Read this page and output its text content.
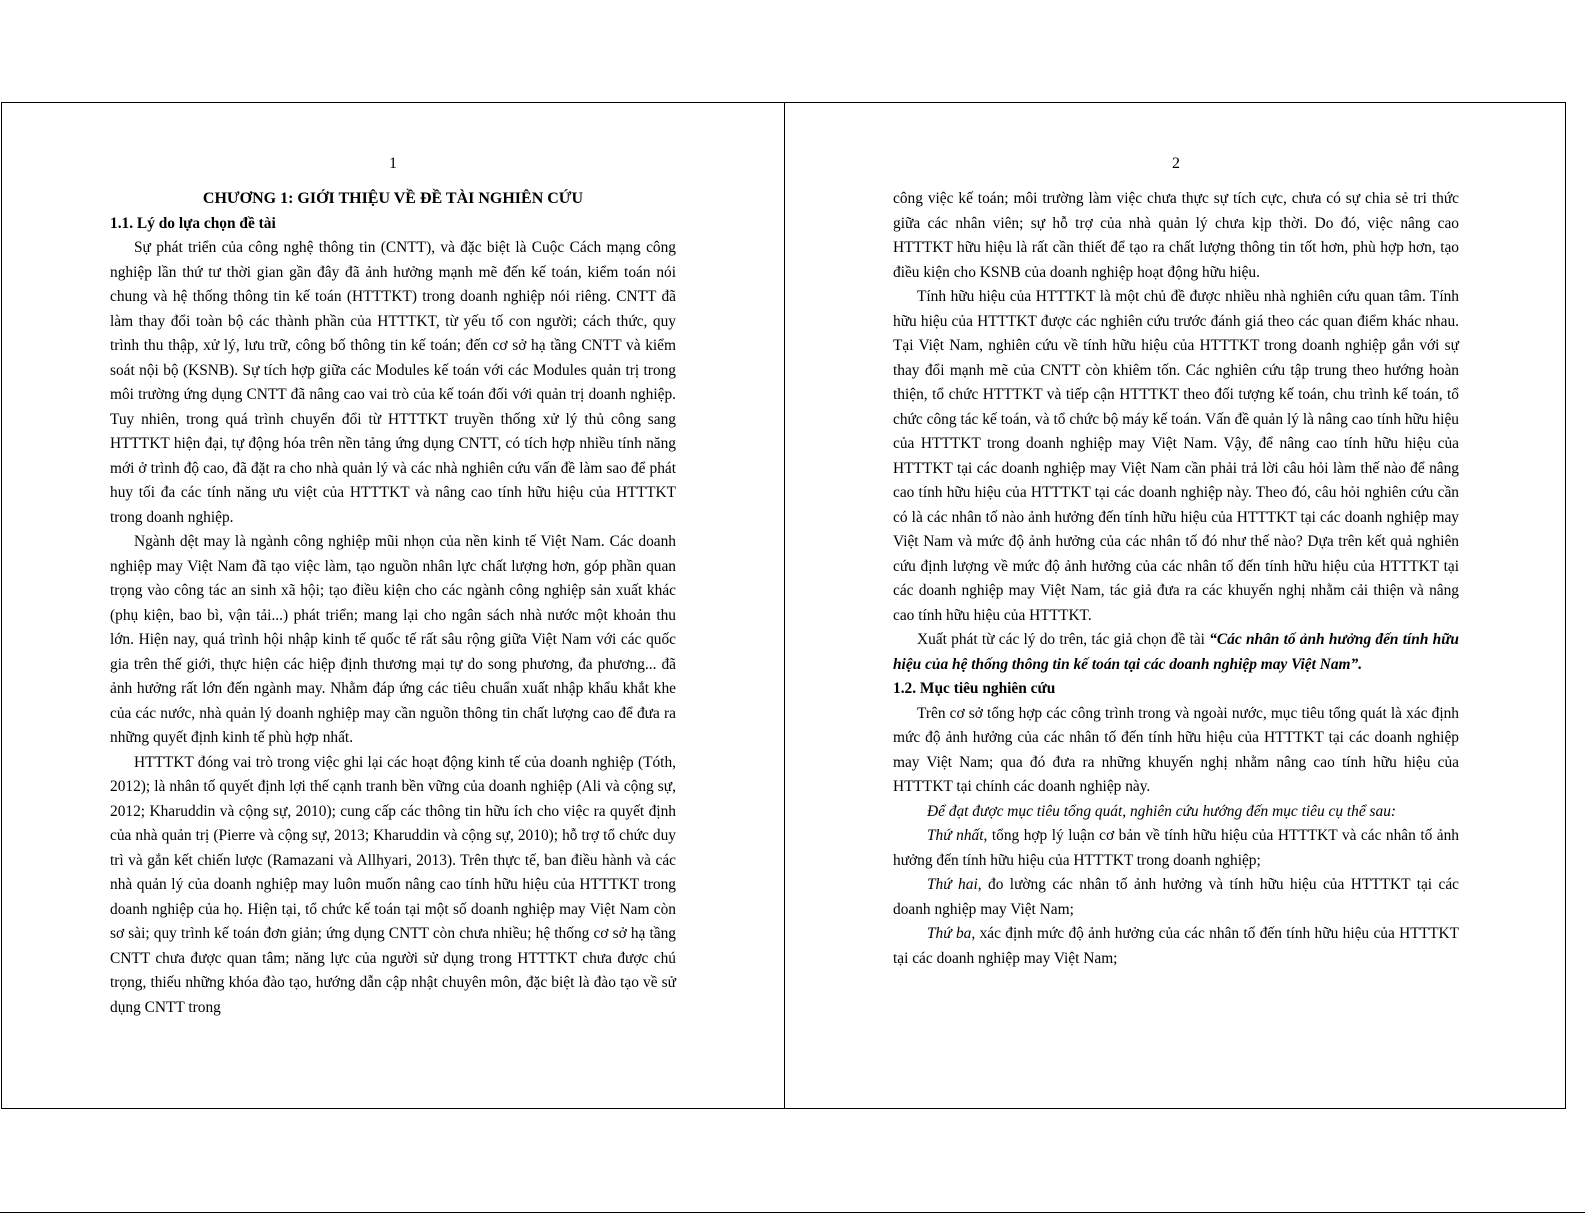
1

CHƯƠNG 1: GIỚI THIỆU VỀ ĐỀ TÀI NGHIÊN CỨU

1.1. Lý do lựa chọn đề tài

Sự phát triển của công nghệ thông tin (CNTT), và đặc biệt là Cuộc Cách mạng công nghiệp lần thứ tư thời gian gần đây đã ảnh hưởng mạnh mẽ đến kế toán, kiểm toán nói chung và hệ thống thông tin kế toán (HTTTKT) trong doanh nghiệp nói riêng. CNTT đã làm thay đổi toàn bộ các thành phần của HTTTKT, từ yếu tố con người; cách thức, quy trình thu thập, xử lý, lưu trữ, công bố thông tin kế toán; đến cơ sở hạ tầng CNTT và kiểm soát nội bộ (KSNB). Sự tích hợp giữa các Modules kế toán với các Modules quản trị trong môi trường ứng dụng CNTT đã nâng cao vai trò của kế toán đối với quản trị doanh nghiệp. Tuy nhiên, trong quá trình chuyển đổi từ HTTTKT truyền thống xử lý thủ công sang HTTTKT hiện đại, tự động hóa trên nền tảng ứng dụng CNTT, có tích hợp nhiều tính năng mới ở trình độ cao, đã đặt ra cho nhà quản lý và các nhà nghiên cứu vấn đề làm sao để phát huy tối đa các tính năng ưu việt của HTTTKT và nâng cao tính hữu hiệu của HTTTKT trong doanh nghiệp.

Ngành dệt may là ngành công nghiệp mũi nhọn của nền kinh tế Việt Nam. Các doanh nghiệp may Việt Nam đã tạo việc làm, tạo nguồn nhân lực chất lượng hơn, góp phần quan trọng vào công tác an sinh xã hội; tạo điều kiện cho các ngành công nghiệp sản xuất khác (phụ kiện, bao bì, vận tải...) phát triển; mang lại cho ngân sách nhà nước một khoản thu lớn. Hiện nay, quá trình hội nhập kinh tế quốc tế rất sâu rộng giữa Việt Nam với các quốc gia trên thế giới, thực hiện các hiệp định thương mại tự do song phương, đa phương... đã ảnh hưởng rất lớn đến ngành may. Nhằm đáp ứng các tiêu chuẩn xuất nhập khẩu khắt khe của các nước, nhà quản lý doanh nghiệp may cần nguồn thông tin chất lượng cao để đưa ra những quyết định kinh tế phù hợp nhất.

HTTTKT đóng vai trò trong việc ghi lại các hoạt động kinh tế của doanh nghiệp (Tóth, 2012); là nhân tố quyết định lợi thế cạnh tranh bền vững của doanh nghiệp (Ali và cộng sự, 2012; Kharuddin và cộng sự, 2010); cung cấp các thông tin hữu ích cho việc ra quyết định của nhà quản trị (Pierre và cộng sự, 2013; Kharuddin và cộng sự, 2010); hỗ trợ tổ chức duy trì và gắn kết chiến lược (Ramazani và Allhyari, 2013). Trên thực tế, ban điều hành và các nhà quản lý của doanh nghiệp may luôn muốn nâng cao tính hữu hiệu của HTTTKT trong doanh nghiệp của họ. Hiện tại, tổ chức kế toán tại một số doanh nghiệp may Việt Nam còn sơ sài; quy trình kế toán đơn giản; ứng dụng CNTT còn chưa nhiều; hệ thống cơ sở hạ tầng CNTT chưa được quan tâm; năng lực của người sử dụng trong HTTTKT chưa được chú trọng, thiếu những khóa đào tạo, hướng dẫn cập nhật chuyên môn, đặc biệt là đào tạo về sử dụng CNTT trong

2

công việc kế toán; môi trường làm việc chưa thực sự tích cực, chưa có sự chia sẻ tri thức giữa các nhân viên; sự hỗ trợ của nhà quản lý chưa kịp thời. Do đó, việc nâng cao HTTTKT hữu hiệu là rất cần thiết để tạo ra chất lượng thông tin tốt hơn, phù hợp hơn, tạo điều kiện cho KSNB của doanh nghiệp hoạt động hữu hiệu.

Tính hữu hiệu của HTTTKT là một chủ đề được nhiều nhà nghiên cứu quan tâm. Tính hữu hiệu của HTTTKT được các nghiên cứu trước đánh giá theo các quan điểm khác nhau. Tại Việt Nam, nghiên cứu về tính hữu hiệu của HTTTKT trong doanh nghiệp gắn với sự thay đổi mạnh mẽ của CNTT còn khiêm tốn. Các nghiên cứu tập trung theo hướng hoàn thiện, tổ chức HTTTKT và tiếp cận HTTTKT theo đối tượng kế toán, chu trình kế toán, tổ chức công tác kế toán, và tổ chức bộ máy kế toán. Vấn đề quản lý là nâng cao tính hữu hiệu của HTTTKT trong doanh nghiệp may Việt Nam. Vậy, để nâng cao tính hữu hiệu của HTTTKT tại các doanh nghiệp may Việt Nam cần phải trả lời câu hỏi làm thế nào để nâng cao tính hữu hiệu của HTTTKT tại các doanh nghiệp này. Theo đó, câu hỏi nghiên cứu cần có là các nhân tố nào ảnh hưởng đến tính hữu hiệu của HTTTKT tại các doanh nghiệp may Việt Nam và mức độ ảnh hưởng của các nhân tố đó như thế nào? Dựa trên kết quả nghiên cứu định lượng về mức độ ảnh hưởng của các nhân tố đến tính hữu hiệu của HTTTKT tại các doanh nghiệp may Việt Nam, tác giả đưa ra các khuyến nghị nhằm cải thiện và nâng cao tính hữu hiệu của HTTTKT.

Xuất phát từ các lý do trên, tác giả chọn đề tài “Các nhân tố ảnh hưởng đến tính hữu hiệu của hệ thống thông tin kế toán tại các doanh nghiệp may Việt Nam”.

1.2. Mục tiêu nghiên cứu

Trên cơ sở tổng hợp các công trình trong và ngoài nước, mục tiêu tổng quát là xác định mức độ ảnh hưởng của các nhân tố đến tính hữu hiệu của HTTTKT tại các doanh nghiệp may Việt Nam; qua đó đưa ra những khuyến nghị nhằm nâng cao tính hữu hiệu của HTTTKT tại chính các doanh nghiệp này.

Để đạt được mục tiêu tổng quát, nghiên cứu hướng đến mục tiêu cụ thể sau:

Thứ nhất, tổng hợp lý luận cơ bản về tính hữu hiệu của HTTTKT và các nhân tố ảnh hưởng đến tính hữu hiệu của HTTTKT trong doanh nghiệp;

Thứ hai, đo lường các nhân tố ảnh hưởng và tính hữu hiệu của HTTTKT tại các doanh nghiệp may Việt Nam;

Thứ ba, xác định mức độ ảnh hưởng của các nhân tố đến tính hữu hiệu của HTTTKT tại các doanh nghiệp may Việt Nam;
